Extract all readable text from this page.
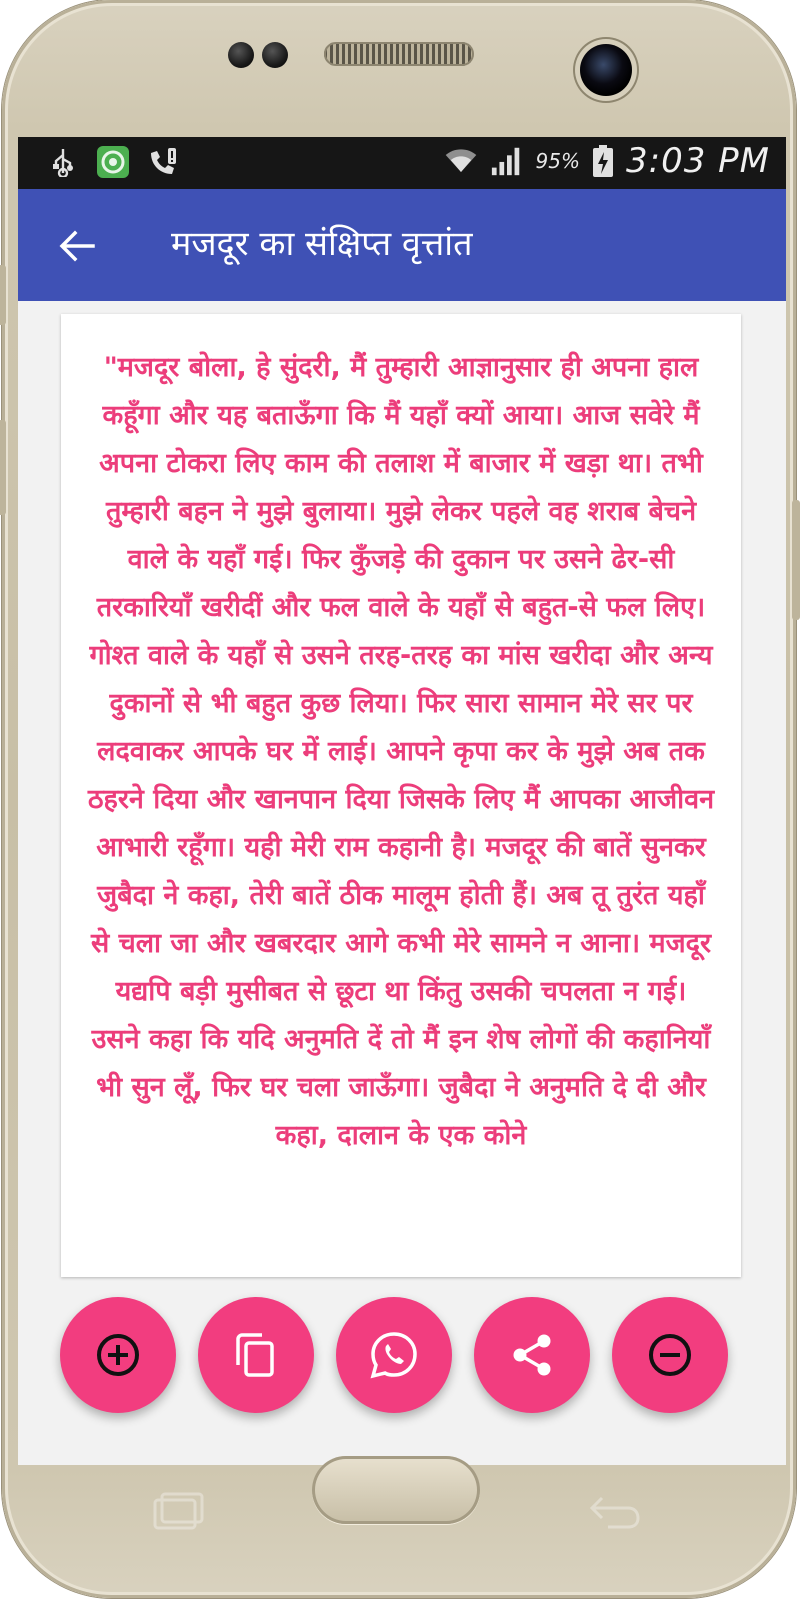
95% 3:03 PM
मजदूर का संक्षिप्त वृत्तांत

"मजदूर बोला, हे सुंदरी, मैं तुम्हारी आज्ञानुसार ही अपना हाल कहूँगा और यह बताऊँगा कि मैं यहाँ क्यों आया। आज सवेरे मैं अपना टोकरा लिए काम की तलाश में बाजार में खड़ा था। तभी तुम्हारी बहन ने मुझे बुलाया। मुझे लेकर पहले वह शराब बेचने वाले के यहाँ गई। फिर कुँजड़े की दुकान पर उसने ढेर-सी तरकारियाँ खरीदीं और फल वाले के यहाँ से बहुत-से फल लिए। गोश्त वाले के यहाँ से उसने तरह-तरह का मांस खरीदा और अन्य दुकानों से भी बहुत कुछ लिया। फिर सारा सामान मेरे सर पर लदवाकर आपके घर में लाई। आपने कृपा कर के मुझे अब तक ठहरने दिया और खानपान दिया जिसके लिए मैं आपका आजीवन आभारी रहूँगा। यही मेरी राम कहानी है। मजदूर की बातें सुनकर जुबैदा ने कहा, तेरी बातें ठीक मालूम होती हैं। अब तू तुरंत यहाँ से चला जा और खबरदार आगे कभी मेरे सामने न आना। मजदूर यद्यपि बड़ी मुसीबत से छूटा था किंतु उसकी चपलता न गई। उसने कहा कि यदि अनुमति दें तो मैं इन शेष लोगों की कहानियाँ भी सुन लूँ, फिर घर चला जाऊँगा। जुबैदा ने अनुमति दे दी और कहा, दालान के एक कोने
